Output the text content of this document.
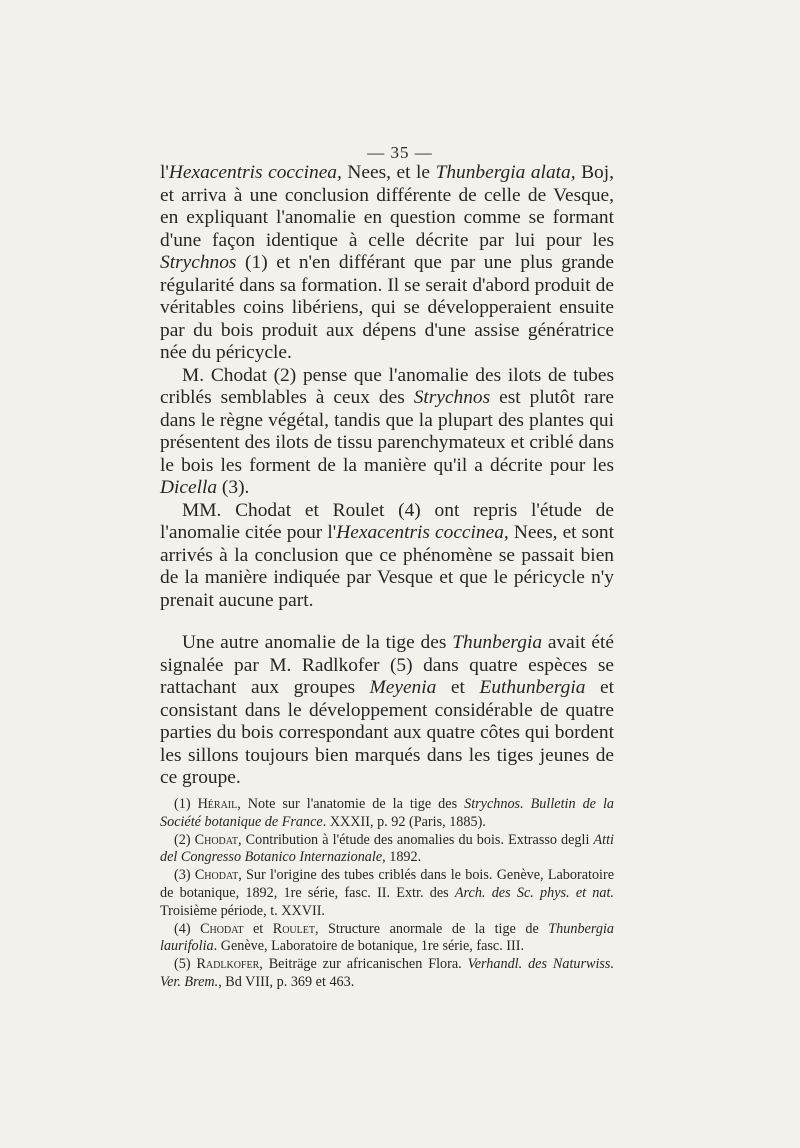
— 35 —

l'Hexacentris coccinea, Nees, et le Thunbergia alata, Boj, et arriva à une conclusion différente de celle de Vesque, en expliquant l'anomalie en question comme se formant d'une façon identique à celle décrite par lui pour les Strychnos (1) et n'en différant que par une plus grande régularité dans sa formation. Il se serait d'abord produit de véritables coins libériens, qui se développeraient ensuite par du bois produit aux dépens d'une assise génératrice née du péricycle.

M. Chodat (2) pense que l'anomalie des ilots de tubes criblés semblables à ceux des Strychnos est plutôt rare dans le règne végétal, tandis que la plupart des plantes qui présentent des ilots de tissu parenchymateux et criblé dans le bois les forment de la manière qu'il a décrite pour les Dicella (3).

MM. Chodat et Roulet (4) ont repris l'étude de l'anomalie citée pour l'Hexacentris coccinea, Nees, et sont arrivés à la conclusion que ce phénomène se passait bien de la manière indiquée par Vesque et que le péricycle n'y prenait aucune part.

Une autre anomalie de la tige des Thunbergia avait été signalée par M. Radlkofer (5) dans quatre espèces se rattachant aux groupes Meyenia et Euthunbergia et consistant dans le développement considérable de quatre parties du bois correspondant aux quatre côtes qui bordent les sillons toujours bien marqués dans les tiges jeunes de ce groupe.

(1) Hérail, Note sur l'anatomie de la tige des Strychnos. Bulletin de la Société botanique de France. XXXII, p. 92 (Paris, 1885).

(2) Chodat, Contribution à l'étude des anomalies du bois. Extrasso degli Atti del Congresso Botanico Internazionale, 1892.

(3) Chodat, Sur l'origine des tubes criblés dans le bois. Genève, Laboratoire de botanique, 1892, 1re série, fasc. II. Extr. des Arch. des Sc. phys. et nat. Troisième période, t. XXVII.

(4) Chodat et Roulet, Structure anormale de la tige de Thunbergia laurifolia. Genève, Laboratoire de botanique, 1re série, fasc. III.

(5) Radlkofer, Beiträge zur africanischen Flora. Verhandl. des Naturwiss. Ver. Brem., Bd VIII, p. 369 et 463.
